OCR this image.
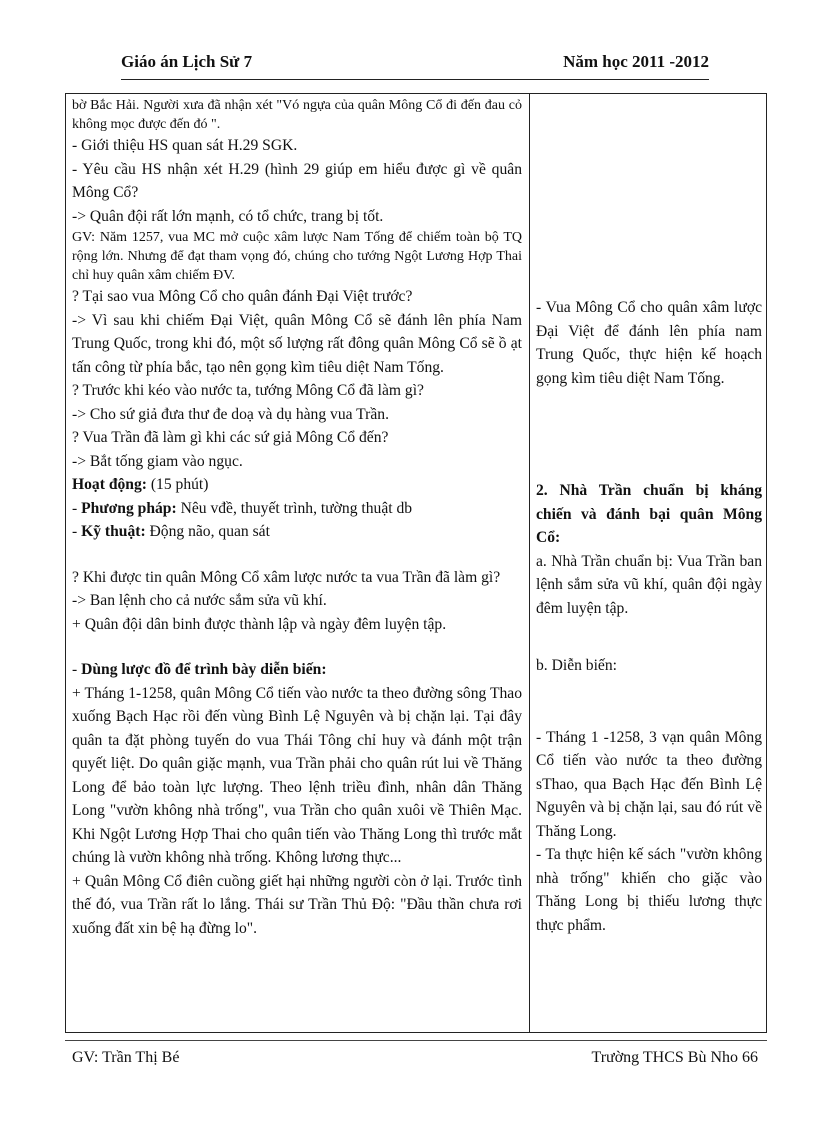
Giáo án Lịch Sử 7	Năm học 2011 -2012

bờ Bắc Hải. Người xưa đã nhận xét "Vó ngựa của quân Mông Cổ đi đến đau cỏ không mọc được đến đó ".

- Giới thiệu HS quan sát H.29 SGK.

- Yêu cầu HS nhận xét H.29 (hình 29 giúp em hiểu được gì về quân Mông Cổ?

-> Quân đội rất lớn mạnh, có tổ chức, trang bị tốt.

GV: Năm 1257, vua MC mở cuộc xâm lược Nam Tống để chiếm toàn bộ TQ rộng lớn. Nhưng để đạt tham vọng đó, chúng cho tướng Ngột Lương Hợp Thai chỉ huy quân xâm chiếm ĐV.

? Tại sao vua Mông Cổ cho quân đánh Đại Việt trước?

-> Vì sau khi chiếm Đại Việt, quân Mông Cổ sẽ đánh lên phía Nam Trung Quốc, trong khi đó, một số lượng rất đông quân Mông Cổ sẽ ồ ạt tấn công từ phía bắc, tạo nên gọng kìm tiêu diệt Nam Tống.

? Trước khi kéo vào nước ta, tướng Mông Cổ đã làm gì?

-> Cho sứ giả đưa thư đe doạ và dụ hàng vua Trần.

? Vua Trần đã làm gì khi các sứ giả Mông Cổ đến?

-> Bắt tống giam vào ngục.

Hoạt động: (15 phút)

- Phương pháp: Nêu vđề, thuyết trình, tường thuật db

- Kỹ thuật: Động não, quan sát

? Khi được tin quân Mông Cổ xâm lược nước ta vua Trần đã làm gì?

-> Ban lệnh cho cả nước sắm sửa vũ khí.

+ Quân đội dân binh được thành lập và ngày đêm luyện tập.

- Dùng lược đồ để trình bày diễn biến:

+ Tháng 1-1258, quân Mông Cổ tiến vào nước ta theo đường sông Thao xuống Bạch Hạc rồi đến vùng Bình Lệ Nguyên và bị chặn lại. Tại đây quân ta đặt phòng tuyến do vua Thái Tông chỉ huy và đánh một trận quyết liệt. Do quân giặc mạnh, vua Trần phải cho quân rút lui về Thăng Long để bảo toàn lực lượng. Theo lệnh triều đình, nhân dân Thăng Long "vườn không nhà trống", vua Trần cho quân xuôi về Thiên Mạc. Khi Ngột Lương Hợp Thai cho quân tiến vào Thăng Long thì trước mắt chúng là vườn không nhà trống. Không lương thực...

+ Quân Mông Cổ điên cuồng giết hại những người còn ở lại. Trước tình thế đó, vua Trần rất lo lắng. Thái sư Trần Thủ Độ: "Đầu thần chưa rơi xuống đất xin bệ hạ đừng lo".

- Vua Mông Cổ cho quân xâm lược Đại Việt để đánh lên phía nam Trung Quốc, thực hiện kế hoạch gọng kìm tiêu diệt Nam Tống.

2. Nhà Trần chuẩn bị kháng chiến và đánh bại quân Mông Cổ:

a. Nhà Trần chuẩn bị: Vua Trần ban lệnh sắm sửa vũ khí, quân đội ngày đêm luyện tập.

b. Diễn biến:

- Tháng 1 -1258, 3 vạn quân Mông Cổ tiến vào nước ta theo đường sThao, qua Bạch Hạc đến Bình Lệ Nguyên và bị chặn lại, sau đó rút về Thăng Long.

- Ta thực hiện kế sách "vườn không nhà trống" khiến cho giặc vào Thăng Long bị thiếu lương thực thực phẩm.

GV: Trần Thị Bé	Trường THCS Bù Nho 66
